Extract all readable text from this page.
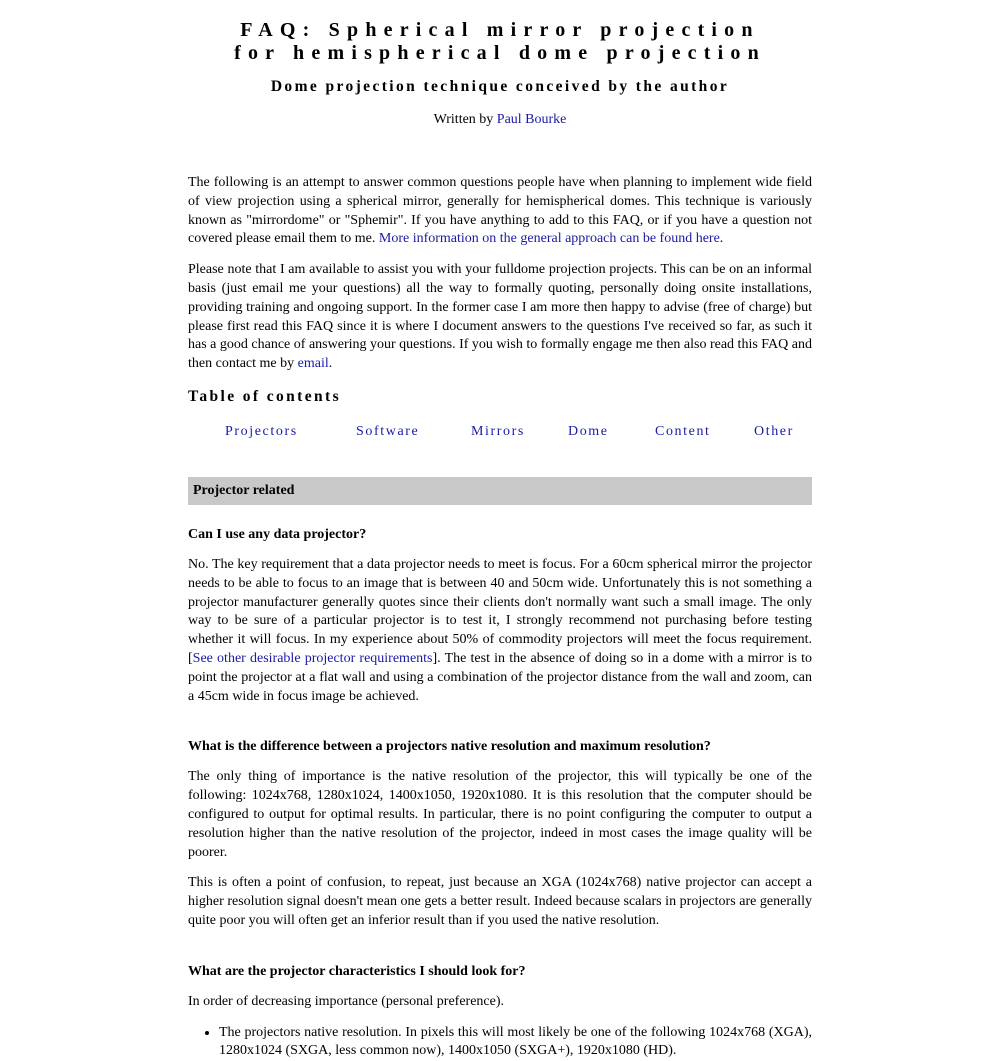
FAQ: Spherical mirror projection
for hemispherical dome projection
Dome projection technique conceived by the author

Written by Paul Bourke

The following is an attempt to answer common questions people have when planning to implement wide field of view projection using a spherical mirror, generally for hemispherical domes. This technique is variously known as "mirrordome" or "Sphemir". If you have anything to add to this FAQ, or if you have a question not covered please email them to me. More information on the general approach can be found here.

Please note that I am available to assist you with your fulldome projection projects. This can be on an informal basis (just email me your questions) all the way to formally quoting, personally doing onsite installations, providing training and ongoing support. In the former case I am more then happy to advise (free of charge) but please first read this FAQ since it is where I document answers to the questions I've received so far, as such it has a good chance of answering your questions. If you wish to formally engage me then also read this FAQ and then contact me by email.

Table of contents
Projectors	Software	Mirrors	Dome	Content	Other
Projector related

Can I use any data projector?

No. The key requirement that a data projector needs to meet is focus. For a 60cm spherical mirror the projector needs to be able to focus to an image that is between 40 and 50cm wide. Unfortunately this is not something a projector manufacturer generally quotes since their clients don't normally want such a small image. The only way to be sure of a particular projector is to test it, I strongly recommend not purchasing before testing whether it will focus. In my experience about 50% of commodity projectors will meet the focus requirement. [See other desirable projector requirements]. The test in the absence of doing so in a dome with a mirror is to point the projector at a flat wall and using a combination of the projector distance from the wall and zoom, can a 45cm wide in focus image be achieved.

What is the difference between a projectors native resolution and maximum resolution?

The only thing of importance is the native resolution of the projector, this will typically be one of the following: 1024x768, 1280x1024, 1400x1050, 1920x1080. It is this resolution that the computer should be configured to output for optimal results. In particular, there is no point configuring the computer to output a resolution higher than the native resolution of the projector, indeed in most cases the image quality will be poorer.

This is often a point of confusion, to repeat, just because an XGA (1024x768) native projector can accept a higher resolution signal doesn't mean one gets a better result. Indeed because scalars in projectors are generally quite poor you will often get an inferior result than if you used the native resolution.

What are the projector characteristics I should look for?

In order of decreasing importance (personal preference).

• The projectors native resolution. In pixels this will most likely be one of the following 1024x768 (XGA), 1280x1024 (SXGA, less common now), 1400x1050 (SXGA+), 1920x1080 (HD).
